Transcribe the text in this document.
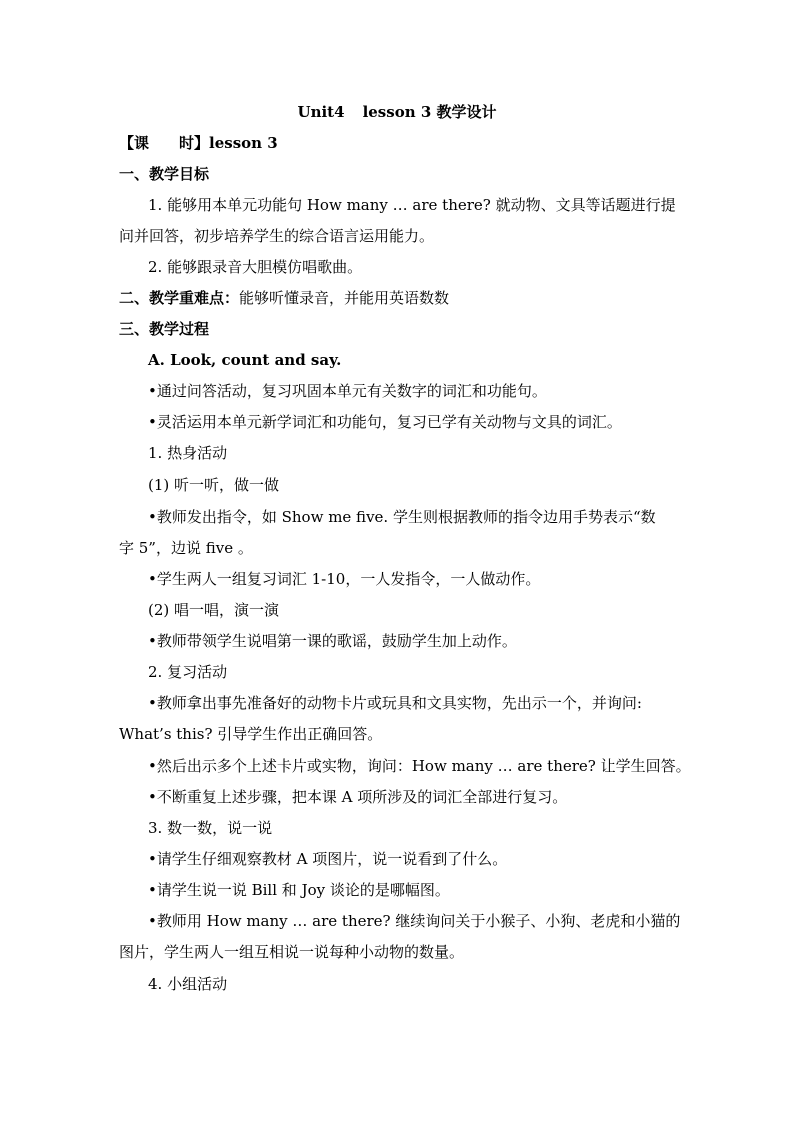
Unit4 lesson 3 教学设计
【课 时】lesson 3
一、教学目标
1. 能够用本单元功能句 How many … are there? 就动物、文具等话题进行提
问并回答，初步培养学生的综合语言运用能力。
2. 能够跟录音大胆模仿唱歌曲。
二、教学重难点：能够听懂录音，并能用英语数数
三、教学过程
A. Look, count and say.
•通过问答活动，复习巩固本单元有关数字的词汇和功能句。
•灵活运用本单元新学词汇和功能句，复习已学有关动物与文具的词汇。
1. 热身活动
(1) 听一听，做一做
•教师发出指令，如 Show me five. 学生则根据教师的指令边用手势表示“数
字 5”，边说 five 。
•学生两人一组复习词汇 1-10，一人发指令，一人做动作。
(2) 唱一唱，演一演
•教师带领学生说唱第一课的歌谣，鼓励学生加上动作。
2. 复习活动
•教师拿出事先准备好的动物卡片或玩具和文具实物，先出示一个，并询问:
What’s this? 引导学生作出正确回答。
•然后出示多个上述卡片或实物，询问：How many … are there? 让学生回答。
•不断重复上述步骤，把本课 A 项所涉及的词汇全部进行复习。
3. 数一数，说一说
•请学生仔细观察教材 A 项图片，说一说看到了什么。
•请学生说一说 Bill 和 Joy 谈论的是哪幅图。
•教师用 How many … are there? 继续询问关于小猴子、小狗、老虎和小猫的
图片，学生两人一组互相说一说每种小动物的数量。
4. 小组活动
